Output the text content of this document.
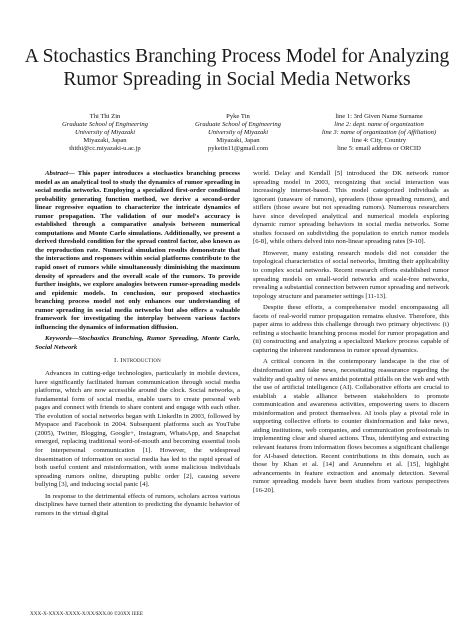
A Stochastics Branching Process Model for Analyzing
Rumor Spreading in Social Media Networks
Thi Thi Zin
Graduate School of Engineering
University of Miyazaki
Miyazaki, Japan
thithi@cc.miyazaki-u.ac.jp
Pyke Tin
Graduate School of Engineering
University of Miyazaki
Miyazaki, Japan
pyketin11@gmail.com
line 1: 3rd Given Name Surname
line 2: dept. name of organization
line 3: name of organization (of Affiliation)
line 4: City, Country
line 5: email address or ORCID

Abstract— This paper introduces a stochastics branching process model as an analytical tool to study the dynamics of rumor spreading in social media networks. Employing a specialized first-order conditional probability generating function method, we derive a second-order linear regressive equation to characterize the intricate dynamics of rumor propagation. The validation of our model's accuracy is established through a comparative analysis between numerical computations and Monte Carlo simulations. Additionally, we present a derived threshold condition for the spread control factor, also known as the reproduction rate. Numerical simulation results demonstrate that the interactions and responses within social platforms contribute to the rapid onset of rumors while simultaneously diminishing the maximum density of spreaders and the overall scale of the rumors. To provide further insights, we explore analogies between rumor-spreading models and epidemic models. In conclusion, our proposed stochastics branching process model not only enhances our understanding of rumor spreading in social media networks but also offers a valuable framework for investigating the interplay between various factors influencing the dynamics of information diffusion.

Keywords—Stochastics Branching, Rumor Spreading, Monte Carlo, Social Network

I. Introduction

Advances in cutting-edge technologies, particularly in mobile devices, have significantly facilitated human communication through social media platforms, which are now accessible around the clock. Social networks, a fundamental form of social media, enable users to create personal web pages and connect with friends to share content and engage with each other. The evolution of social networks began with LinkedIn in 2003, followed by Myspace and Facebook in 2004. Subsequent platforms such as YouTube (2005), Twitter, Blogging, Google+, Instagram, WhatsApp, and Snapchat emerged, replacing traditional word-of-mouth and becoming essential tools for interpersonal communication [1]. However, the widespread dissemination of information on social media has led to the rapid spread of both useful content and misinformation, with some malicious individuals spreading rumors online, disrupting public order [2], causing severe bullying [3], and inducing social panic [4].

In response to the detrimental effects of rumors, scholars across various disciplines have turned their attention to predicting the dynamic behavior of rumors in the virtual digital

world. Delay and Kendall [5] introduced the DK network rumor spreading model in 2003, recognizing that social interaction was increasingly internet-based. This model categorized individuals as ignorant (unaware of rumors), spreaders (those spreading rumors), and stiflers (those aware but not spreading rumors). Numerous researchers have since developed analytical and numerical models exploring dynamic rumor spreading behaviors in social media networks. Some studies focused on subdividing the population to enrich rumor models [6-8], while others delved into non-linear spreading rates [9-10].

However, many existing research models did not consider the topological characteristics of social networks, limiting their applicability to complex social networks. Recent research efforts established rumor spreading models on small-world networks and scale-free networks, revealing a substantial connection between rumor spreading and network topology structure and parameter settings [11-13].

Despite these efforts, a comprehensive model encompassing all facets of real-world rumor propagation remains elusive. Therefore, this paper aims to address this challenge through two primary objectives: (i) refining a stochastic branching process model for rumor propagation and (ii) constructing and analyzing a specialized Markov process capable of capturing the inherent randomness in rumor spread dynamics.

A critical concern in the contemporary landscape is the rise of disinformation and fake news, necessitating reassurance regarding the validity and quality of news amidst potential pitfalls on the web and with the use of artificial intelligence (AI). Collaborative efforts are crucial to establish a stable alliance between stakeholders to promote communication and awareness activities, empowering users to discern misinformation and protect themselves. AI tools play a pivotal role in supporting collective efforts to counter disinformation and fake news, aiding institutions, web companies, and communication professionals in implementing clear and shared actions. Thus, identifying and extracting relevant features from information flows becomes a significant challenge for AI-based detection. Recent contributions in this domain, such as those by Khan et al. [14] and Arunnehru et al. [15], highlight advancements in feature extraction and anomaly detection. Several rumor spreading models have been studies from various perspectives [16-20].

XXX-X-XXXX-XXXX-X/XX/$XX.00 ©20XX IEEE
